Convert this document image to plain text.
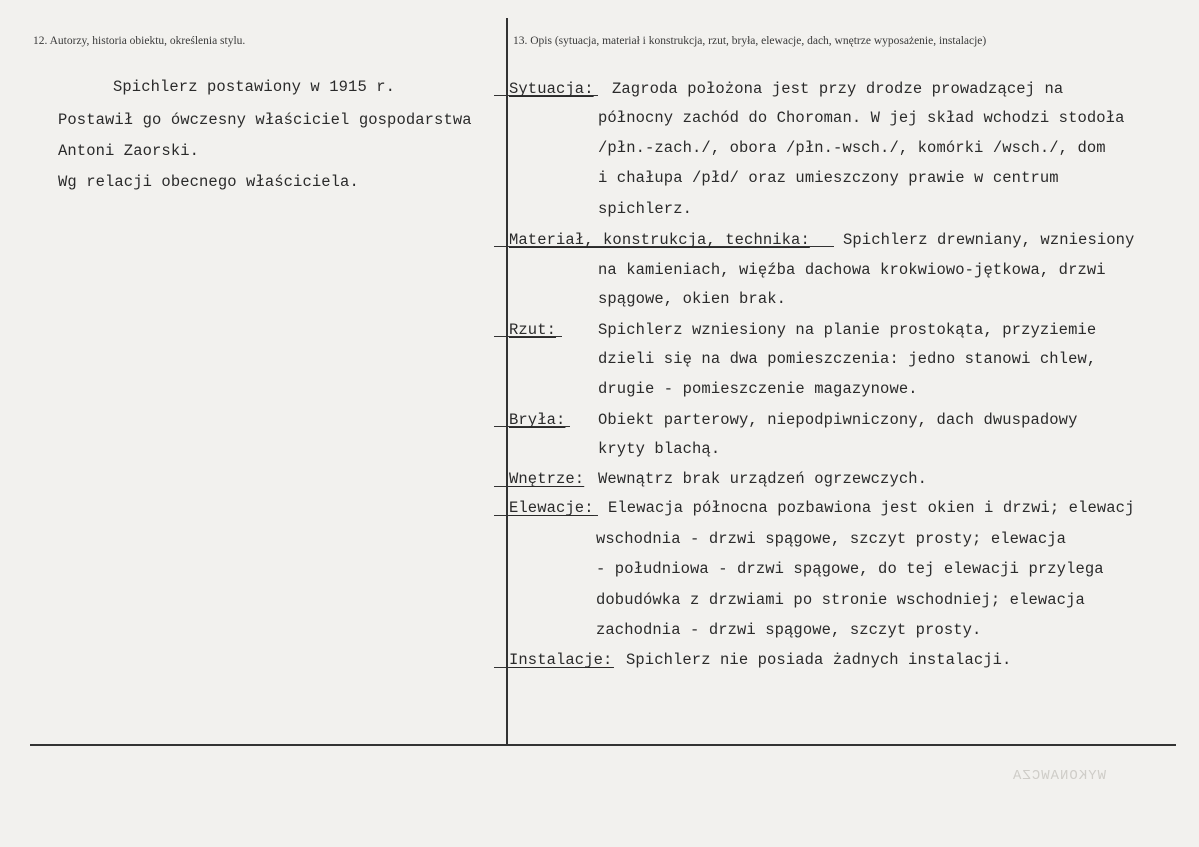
12. Autorzy, historia obiektu, określenia stylu.	13. Opis (sytuacja, materiał i konstrukcja, rzut, bryła, elewacje, dach, wnętrze wyposażenie, instalacje)
Spichlerz postawiony w 1915 r.
Postawił go ówczesny właściciel gospodarstwa
Antoni Zaorski.
Wg relacji obecnego właściciela.
Sytuacja: Zagroda położona jest przy drodze prowadzącej na
północny zachód do Choroman. W jej skład wchodzi stodoła
/płn.-zach./, obora /płn.-wsch./, komórki /wsch./, dom
i chałupa /płd/ oraz umieszczony prawie w centrum
spichlerz.
Materiał, konstrukcja, technika: Spichlerz drewniany, wzniesiony
na kamieniach, więźba dachowa krokwiowo-jętkowa, drzwi
spągowe, okien brak.
Rzut:	Spichlerz wzniesiony na planie prostokąta, przyziemie
dzieli się na dwa pomieszczenia: jedno stanowi chlew,
drugie - pomieszczenie magazynowe.
Bryła: Obiekt parterowy, niepodpiwniczony, dach dwuspadowy
kryty blachą.
Wnętrze: Wewnątrz brak urządzeń ogrzewczych.
Elewacje: Elewacja północna pozbawiona jest okien i drzwi; elewacj
wschodnia - drzwi spągowe, szczyt prosty; elewacja
- południowa - drzwi spągowe, do tej elewacji przylega
dobudówka z drzwiami po stronie wschodniej; elewacja
zachodnia - drzwi spągowe, szczyt prosty.
Instalacje: Spichlerz nie posiada żadnych instalacji.
WYKONAWCZA
